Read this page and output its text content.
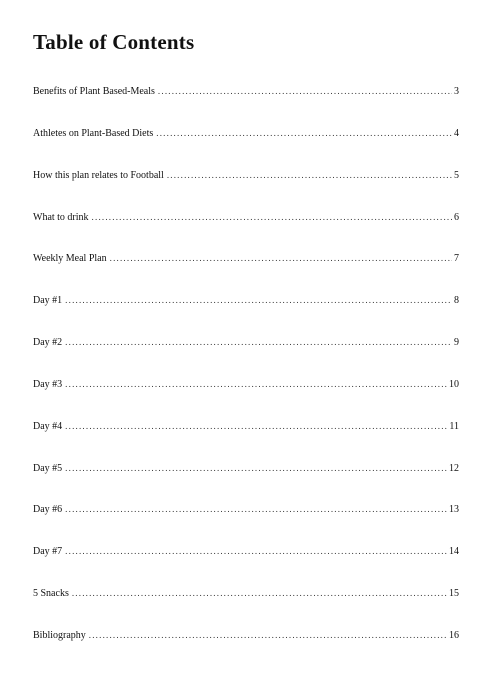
Table of Contents
Benefits of Plant Based-Meals .....	3
Athletes on Plant-Based Diets .....	4
How this plan relates to Football .....	5
What to drink .....	6
Weekly Meal Plan .....	7
Day #1 .....	8
Day #2 .....	9
Day #3 .....	10
Day #4 .....	11
Day #5 .....	12
Day #6 .....	13
Day #7 .....	14
5 Snacks .....	15
Bibliography .....	16
